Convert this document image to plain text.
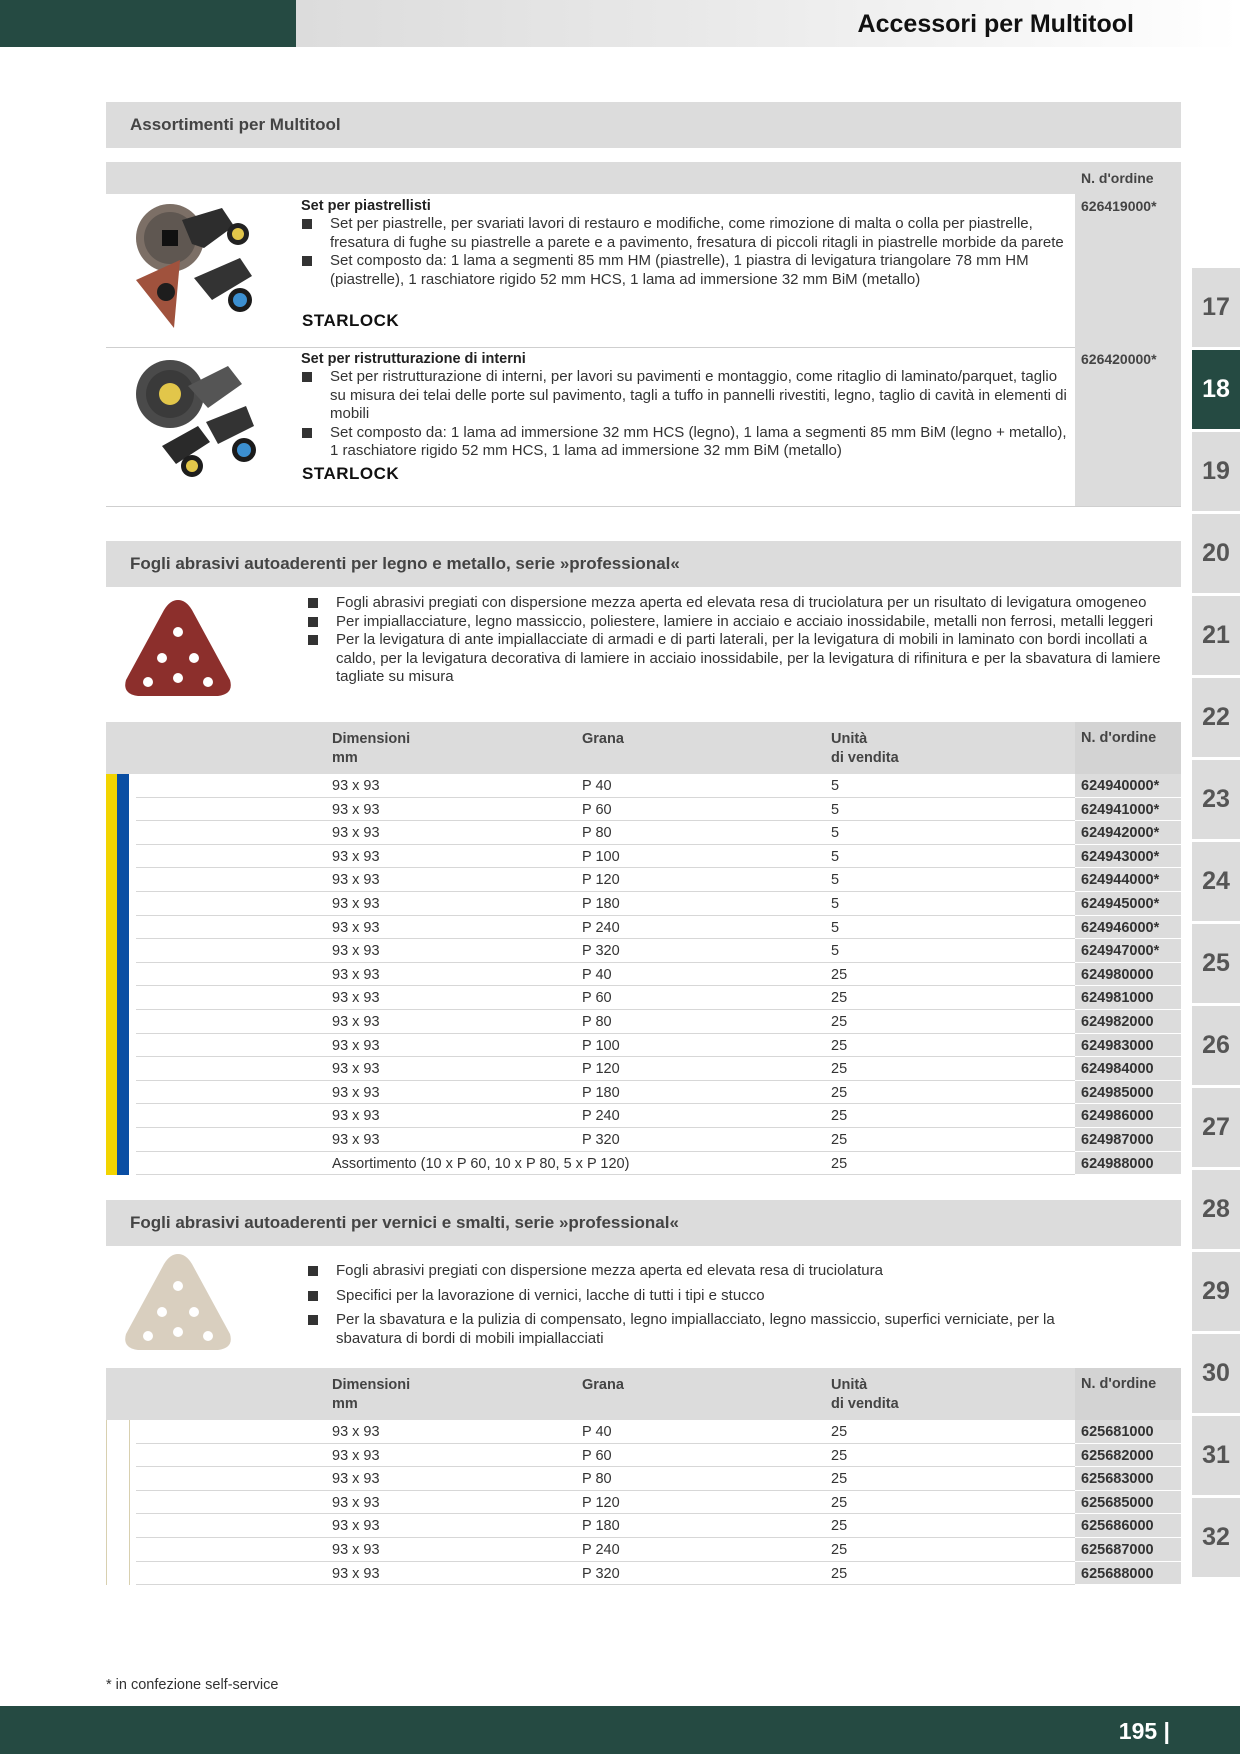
Accessori per Multitool
17
18
19
20
21
22
23
24
25
26
27
28
29
30
31
32
Assortimenti per Multitool
N. d'ordine
Set per piastrellisti
Set per piastrelle, per svariati lavori di restauro e modifiche, come rimozione di malta o colla per piastrelle, fresatura di fughe su piastrelle a parete e a pavimento, fresatura di piccoli ritagli in piastrelle morbide da parete
Set composto da: 1 lama a segmenti 85 mm HM (piastrelle), 1 piastra di levigatura triangolare 78 mm HM (piastrelle), 1 raschiatore rigido 52 mm HCS, 1 lama ad immersione 32 mm BiM (metallo)
STARLOCK
626419000*
Set per ristrutturazione di interni
Set per ristrutturazione di interni, per lavori su pavimenti e montaggio, come ritaglio di laminato/parquet, taglio su misura dei telai delle porte sul pavimento, tagli a tuffo in pannelli rivestiti, legno, taglio di cavità in elementi di mobili
Set composto da: 1 lama ad immersione 32 mm HCS (legno), 1 lama a segmenti 85 mm BiM (legno + metallo), 1 raschiatore rigido 52 mm HCS, 1 lama ad immersione 32 mm BiM (metallo)
STARLOCK
626420000*
Fogli abrasivi autoaderenti per legno e metallo, serie »professional«
Fogli abrasivi pregiati con dispersione mezza aperta ed elevata resa di truciolatura per un risultato di levigatura omogeneo
Per impiallacciature, legno massiccio, poliestere, lamiere in acciaio e acciaio inossidabile, metalli non ferrosi, metalli leggeri
Per la levigatura di ante impiallacciate di armadi e di parti laterali, per la levigatura di mobili in laminato con bordi incollati a caldo, per la levigatura decorativa di lamiere in acciaio inossidabile, per la levigatura di rifinitura e per la sbavatura di lamiere tagliate su misura
Dimensioni
mm
Grana	Unità
di vendita
N. d'ordine
93 x 93	P 40	5	624940000*
93 x 93	P 60	5	624941000*
93 x 93	P 80	5	624942000*
93 x 93	P 100	5	624943000*
93 x 93	P 120	5	624944000*
93 x 93	P 180	5	624945000*
93 x 93	P 240	5	624946000*
93 x 93	P 320	5	624947000*
93 x 93	P 40	25	624980000
93 x 93	P 60	25	624981000
93 x 93	P 80	25	624982000
93 x 93	P 100	25	624983000
93 x 93	P 120	25	624984000
93 x 93	P 180	25	624985000
93 x 93	P 240	25	624986000
93 x 93	P 320	25	624987000
Assortimento (10 x P 60, 10 x P 80, 5 x P 120)	25	624988000
Fogli abrasivi autoaderenti per vernici e smalti, serie »professional«
Fogli abrasivi pregiati con dispersione mezza aperta ed elevata resa di truciolatura
Specifici per la lavorazione di vernici, lacche di tutti i tipi e stucco
Per la sbavatura e la pulizia di compensato, legno impiallacciato, legno massiccio, superfici verniciate, per la sbavatura di bordi di mobili impiallacciati
Dimensioni
mm
Grana	Unità
di vendita
N. d'ordine
93 x 93	P 40	25	625681000
93 x 93	P 60	25	625682000
93 x 93	P 80	25	625683000
93 x 93	P 120	25	625685000
93 x 93	P 180	25	625686000
93 x 93	P 240	25	625687000
93 x 93	P 320	25	625688000
* in confezione self-service
195 |
